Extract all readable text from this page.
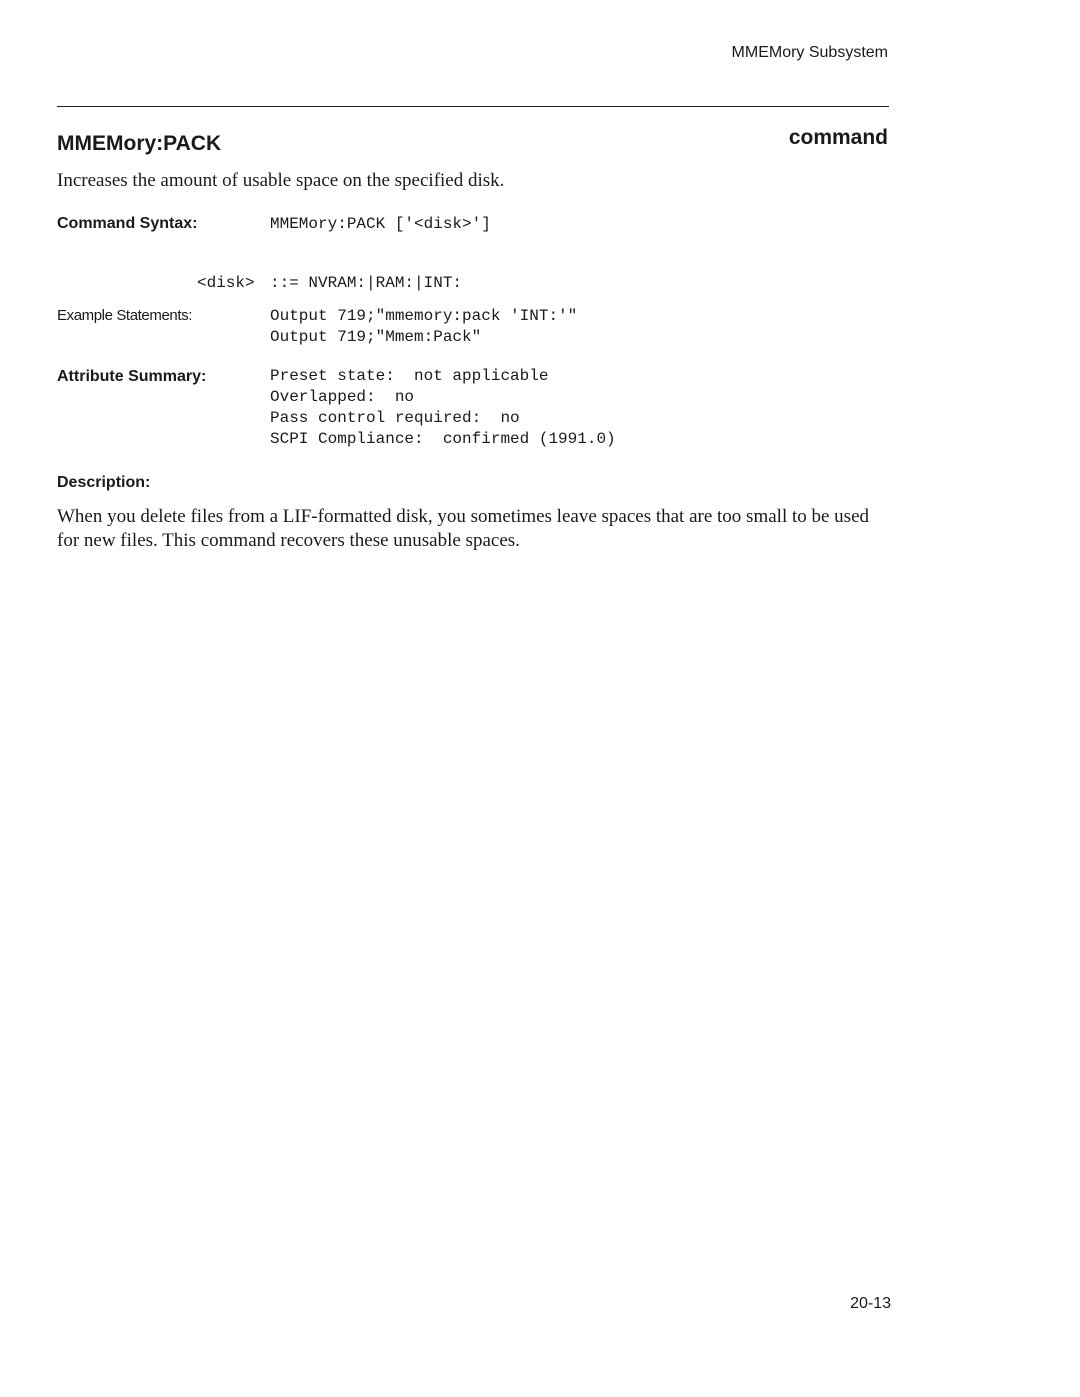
MMEMory Subsystem
MMEMory:PACK	command
Increases the amount of usable space on the specified disk.
Command Syntax:	MMEMory:PACK ['<disk>']
<disk> ::= NVRAM:|RAM:|INT:
Example Statements:	Output 719;"mmemory:pack 'INT:'"
Output 719;"Mmem:Pack"
Attribute Summary:	Preset state:  not applicable
Overlapped:  no
Pass control required:  no
SCPI Compliance:  confirmed (1991.0)
Description:
When you delete files from a LIF-formatted disk, you sometimes leave spaces that are too small to be used for new files. This command recovers these unusable spaces.
20-13
